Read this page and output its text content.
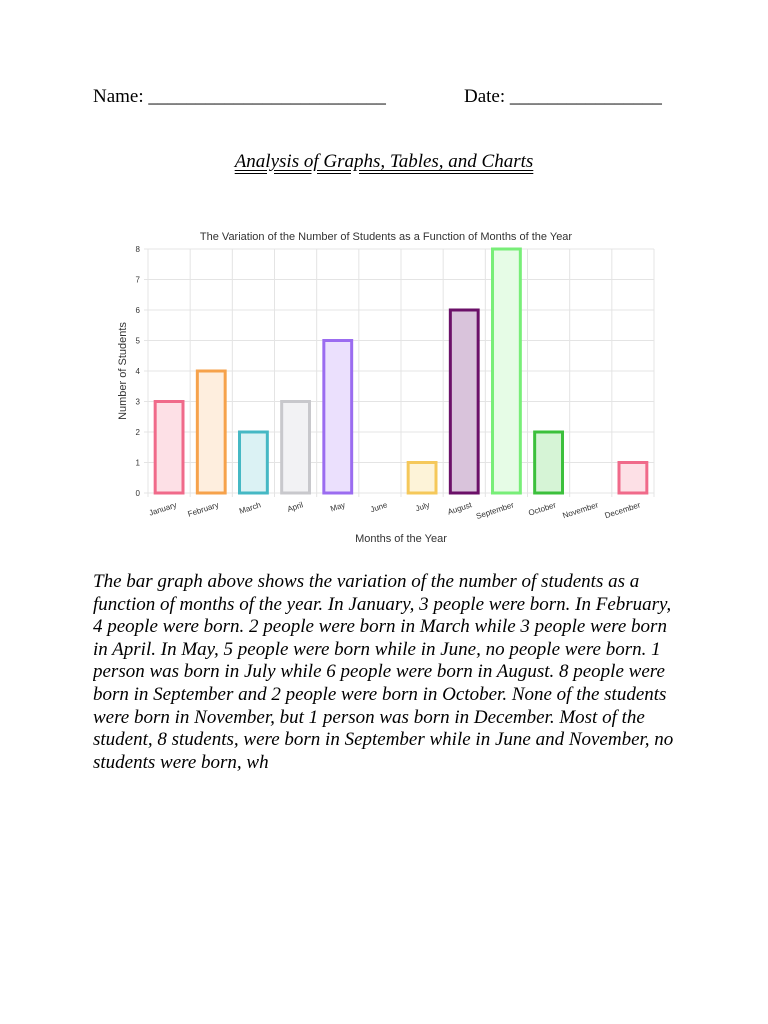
Name: _________________________	Date: ________________
Analysis of Graphs, Tables, and Charts
The Variation of the Number of Students as a Function of Months of the Year
Number of Students
Months of the Year
0
1
2
3
4
5
6
7
8
January February March	April	May	June	July August September October November December
The bar graph above shows the variation of the number of students as a function of months of the year. In January, 3 people were born. In February, 4 people were born. 2 people were born in March while 3 people were born in April. In May, 5 people were born while in June, no people were born. 1 person was born in July while 6 people were born in August. 8 people were born in September and 2 people were born in October. None of the students were born in November, but 1 person was born in December. Most of the student, 8 students, were born in September while in June and November, no students were born, wh
